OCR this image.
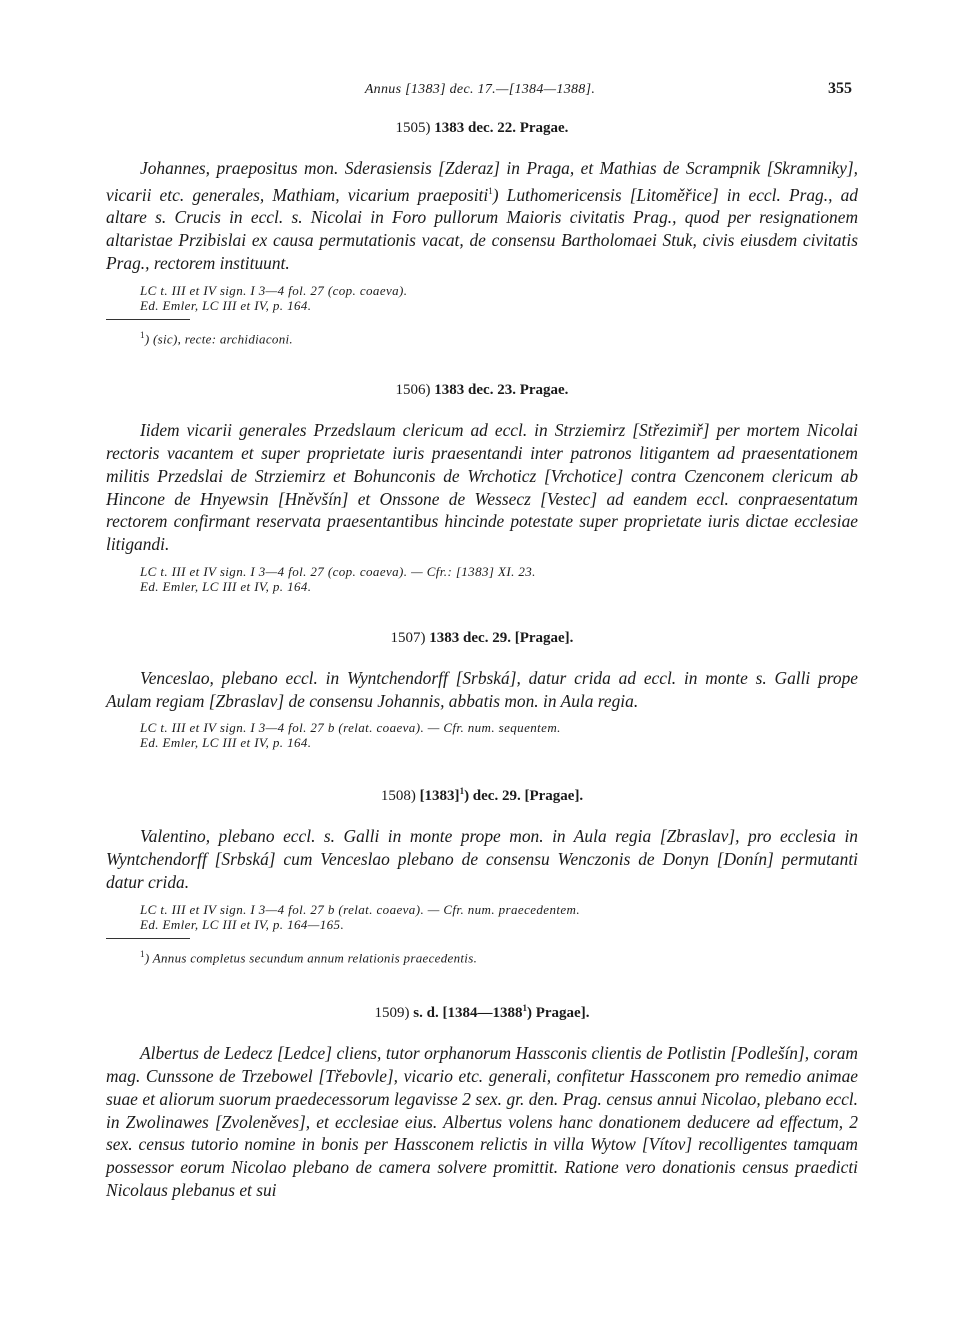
Annus [1383] dec. 17.—[1384—1388].	355

1505) 1383 dec. 22. Pragae.

Johannes, praepositus mon. Sderasiensis [Zderaz] in Praga, et Mathias de Scrampnik [Skramniky], vicarii etc. generales, Mathiam, vicarium praepositi$^1$) Luthomericensis [Litoměřice] in eccl. Prag., ad altare s. Crucis in eccl. s. Nicolai in Foro pullorum Maioris civitatis Prag., quod per resignationem altaristae Przibislai ex causa permutationis vacat, de consensu Bartholomaei Stuk, civis eiusdem civitatis Prag., rectorem instituunt.

LC t. III et IV sign. I 3—4 fol. 27 (cop. coaeva).

Ed. Emler, LC III et IV, p. 164.

$^1$) (sic), recte: archidiaconi.

1506) 1383 dec. 23. Pragae.

Iidem vicarii generales Przedslaum clericum ad eccl. in Strziemirz [Střezimiř] per mortem Nicolai rectoris vacantem et super proprietate iuris praesentandi inter patronos litigantem ad praesentationem militis Przedslai de Strziemirz et Bohunconis de Wrchoticz [Vrchotice] contra Czenconem clericum ab Hincone de Hnyewsin [Hněvšín] et Onssone de Wessecz [Vestec] ad eandem eccl. conpraesentatum rectorem confirmant reservata praesentantibus hincinde potestate super proprietate iuris dictae ecclesiae litigandi.

LC t. III et IV sign. I 3—4 fol. 27 (cop. coaeva). — Cfr.: [1383] XI. 23.

Ed. Emler, LC III et IV, p. 164.

1507) 1383 dec. 29. [Pragae].

Venceslao, plebano eccl. in Wyntchendorff [Srbská], datur crida ad eccl. in monte s. Galli prope Aulam regiam [Zbraslav] de consensu Johannis, abbatis mon. in Aula regia.

LC t. III et IV sign. I 3—4 fol. 27 b (relat. coaeva). — Cfr. num. sequentem.

Ed. Emler, LC III et IV, p. 164.

1508) $[1383]^1$) dec. 29. [Pragae].

Valentino, plebano eccl. s. Galli in monte prope mon. in Aula regia [Zbraslav], pro ecclesia in Wyntchendorff [Srbská] cum Venceslao plebano de consensu Wenczonis de Donyn [Donín] permutanti datur crida.

LC t. III et IV sign. I 3—4 fol. 27 b (relat. coaeva). — Cfr. num. praecedentem.

Ed. Emler, LC III et IV, p. 164—165.

$^1$) Annus completus secundum annum relationis praecedentis.

1509) s. d. [1384—1388$^1$) Pragae].

Albertus de Ledecz [Ledce] cliens, tutor orphanorum Hassconis clientis de Potlistin [Podlešín], coram mag. Cunssone de Trzebowel [Třebovle], vicario etc. generali, confitetur Hassconem pro remedio animae suae et aliorum suorum praedecessorum legavisse 2 sex. gr. den. Prag. census annui Nicolao, plebano eccl. in Zwolinawes [Zvoleněves], et ecclesiae eius. Albertus volens hanc donationem deducere ad effectum, 2 sex. census tutorio nomine in bonis per Hassconem relictis in villa Wytow [Vítov] recolligentes tamquam possessor eorum Nicolao plebano de camera solvere promittit. Ratione vero donationis census praedicti Nicolaus plebanus et sui
